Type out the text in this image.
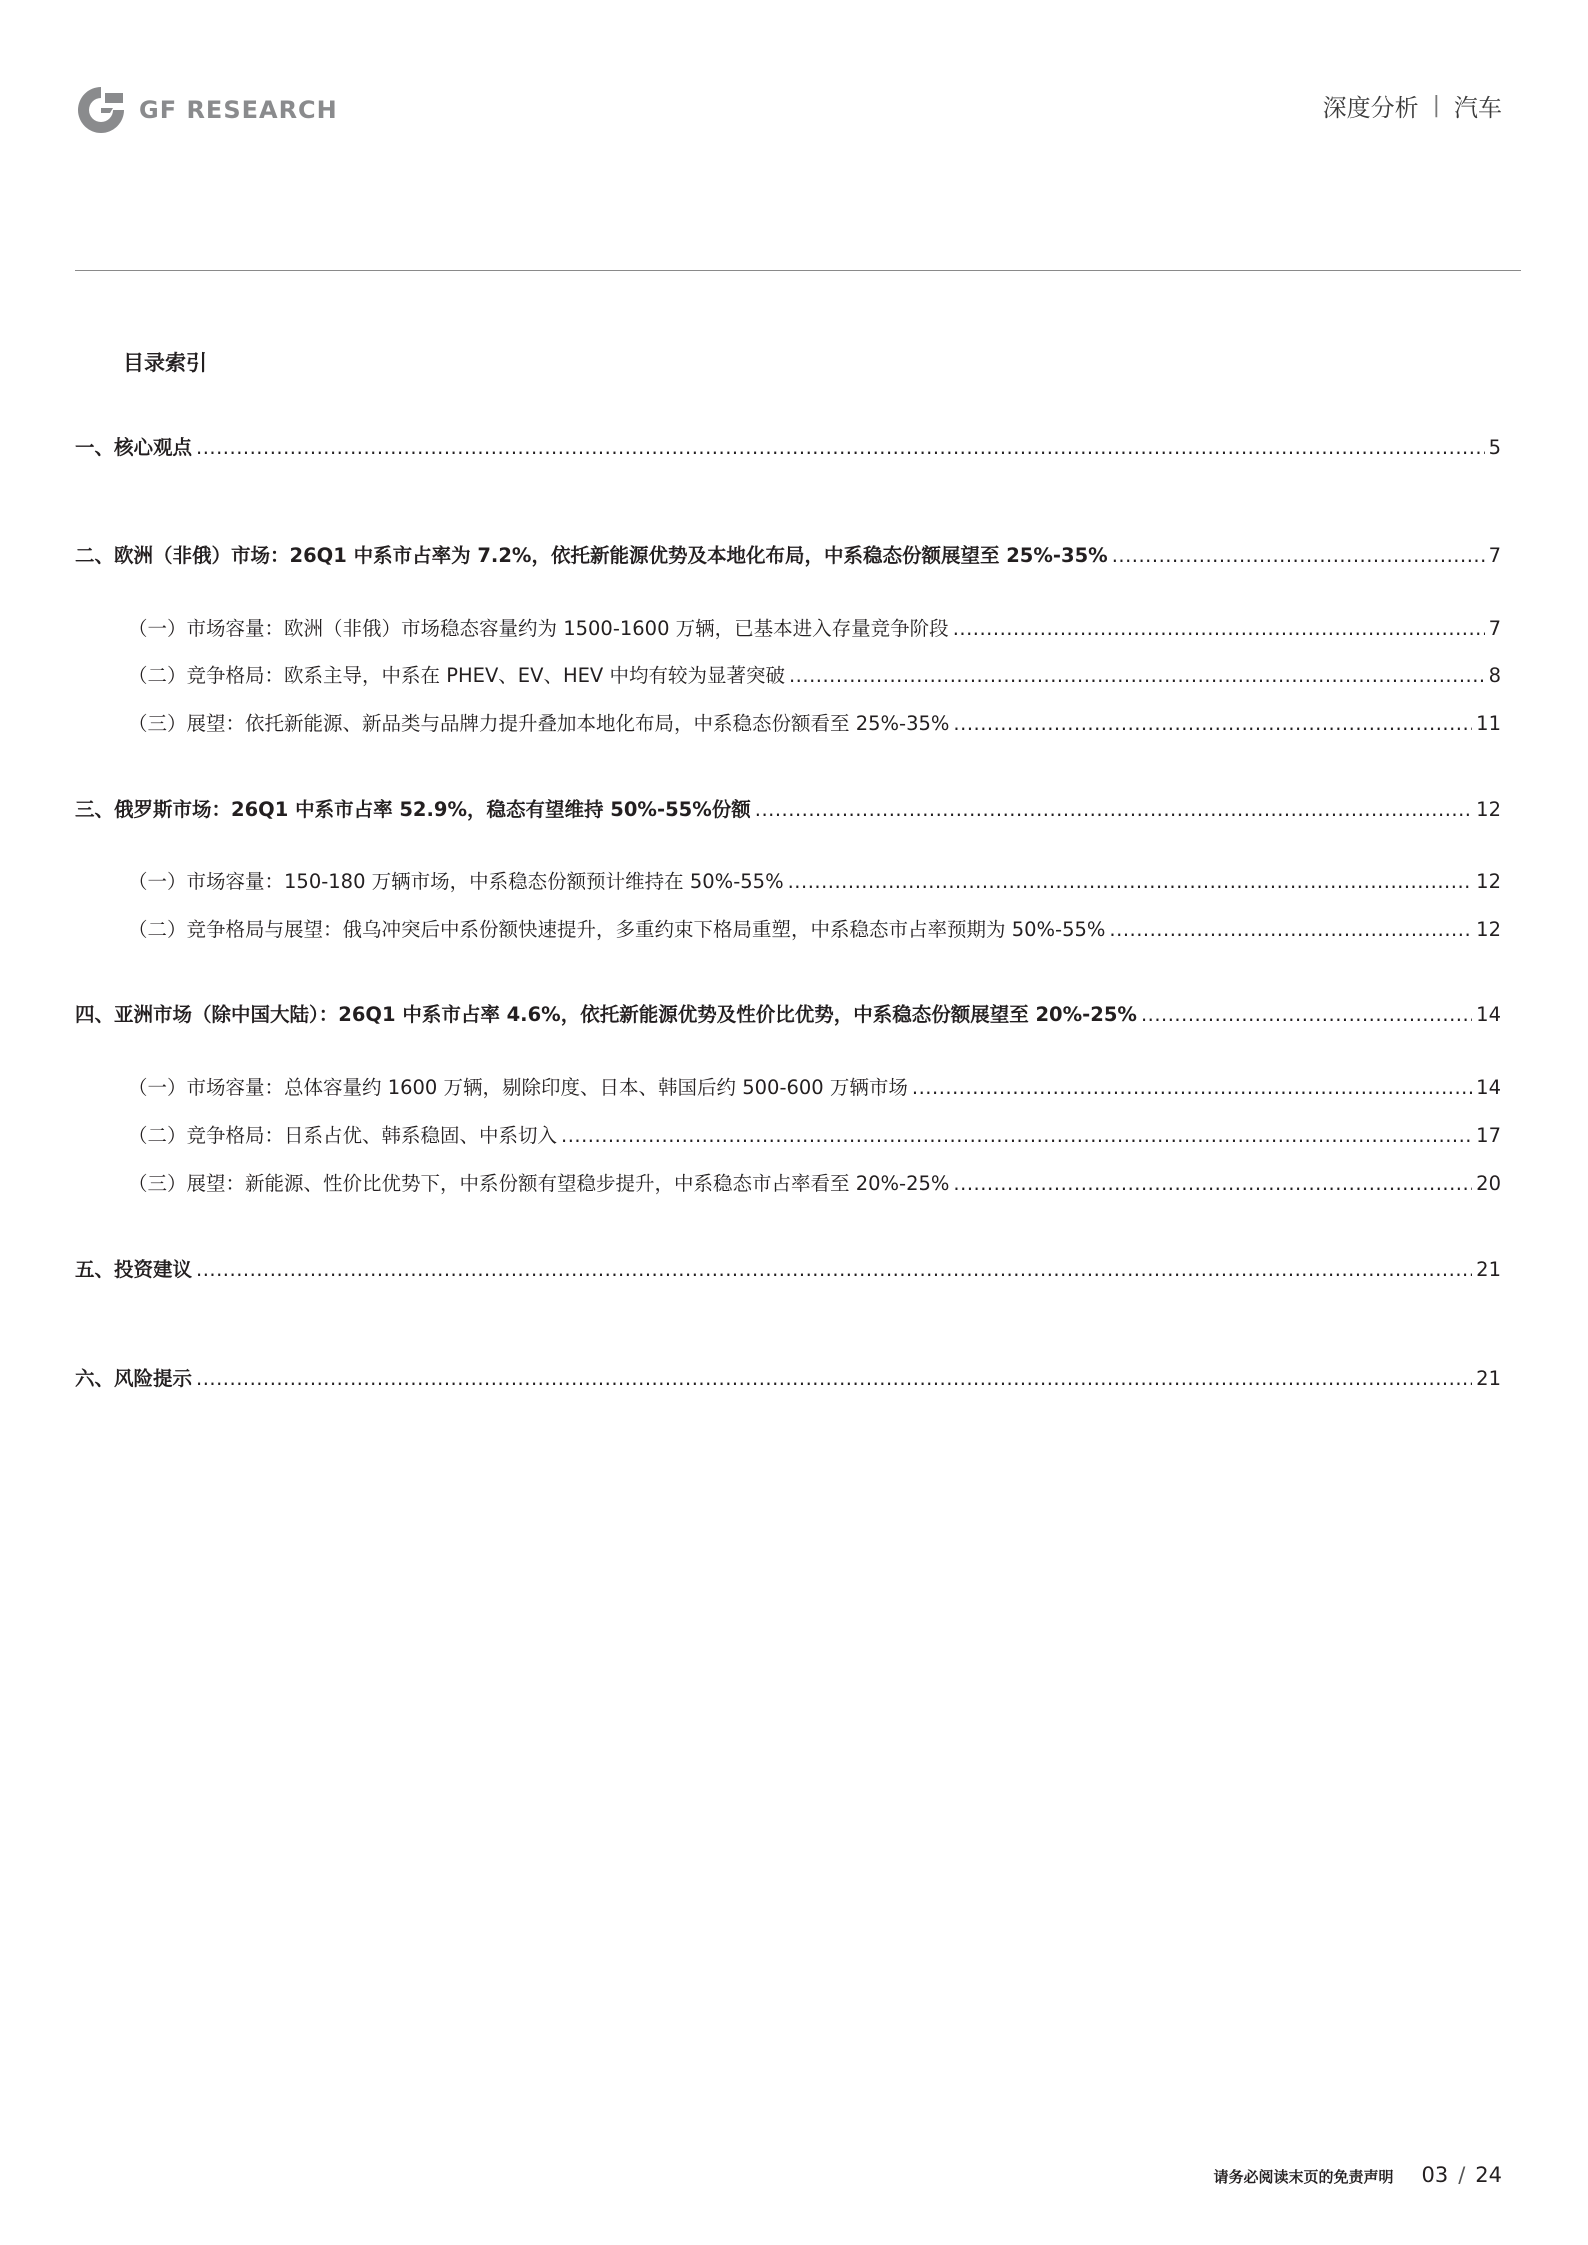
GF RESEARCH	深度分析 | 汽车
目录索引
一、核心观点 .....	5
二、欧洲（非俄）市场：26Q1 中系市占率为 7.2%，依托新能源优势及本地化布局，中系稳态份额展望至 25%-35% .....	7
（一）市场容量：欧洲（非俄）市场稳态容量约为 1500-1600 万辆，已基本进入存量竞争阶段 .....	7
（二）竞争格局：欧系主导，中系在 PHEV、EV、HEV 中均有较为显著突破 .....	8
（三）展望：依托新能源、新品类与品牌力提升叠加本地化布局，中系稳态份额看至 25%-35% .....	11
三、俄罗斯市场：26Q1 中系市占率 52.9%，稳态有望维持 50%-55%份额 .....	12
（一）市场容量：150-180 万辆市场，中系稳态份额预计维持在 50%-55% .....	12
（二）竞争格局与展望：俄乌冲突后中系份额快速提升，多重约束下格局重塑，中系稳态市占率预期为 50%-55% .....	12
四、亚洲市场（除中国大陆）：26Q1 中系市占率 4.6%，依托新能源优势及性价比优势，中系稳态份额展望至 20%-25% .....	14
（一）市场容量：总体容量约 1600 万辆，剔除印度、日本、韩国后约 500-600 万辆市场 .....	14
（二）竞争格局：日系占优、韩系稳固、中系切入 .....	17
（三）展望：新能源、性价比优势下，中系份额有望稳步提升，中系稳态市占率看至 20%-25% .....	20
五、投资建议 .....	21
六、风险提示 .....	21
请务必阅读末页的免责声明 03 / 24
